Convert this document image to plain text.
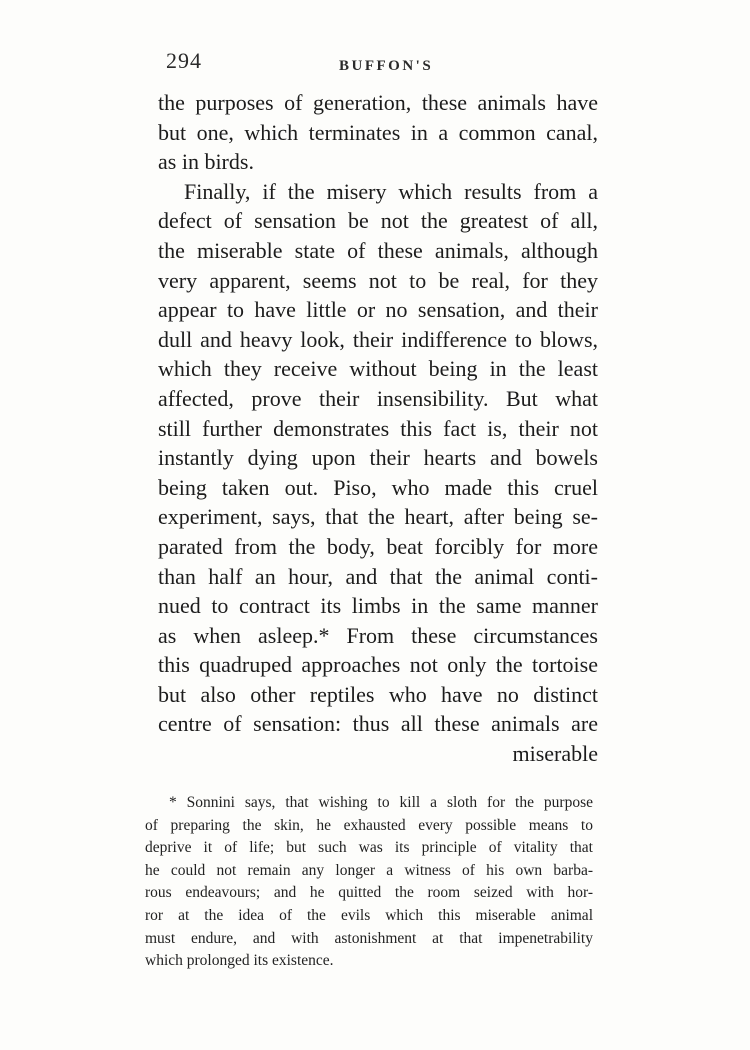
294	BUFFON'S
the purposes of generation, these animals have
but one, which terminates in a common canal,
as in birds.
Finally, if the misery which results from a
defect of sensation be not the greatest of all,
the miserable state of these animals, although
very apparent, seems not to be real, for they
appear to have little or no sensation, and their
dull and heavy look, their indifference to blows,
which they receive without being in the least
affected, prove their insensibility. But what
still further demonstrates this fact is, their not
instantly dying upon their hearts and bowels
being taken out. Piso, who made this cruel
experiment, says, that the heart, after being se-
parated from the body, beat forcibly for more
than half an hour, and that the animal conti-
nued to contract its limbs in the same manner
as when asleep.* From these circumstances
this quadruped approaches not only the tortoise
but also other reptiles who have no distinct
centre of sensation: thus all these animals are
miserable
* Sonnini says, that wishing to kill a sloth for the purpose
of preparing the skin, he exhausted every possible means to
deprive it of life; but such was its principle of vitality that
he could not remain any longer a witness of his own barba-
rous endeavours; and he quitted the room seized with hor-
ror at the idea of the evils which this miserable animal
must endure, and with astonishment at that impenetrability
which prolonged its existence.
